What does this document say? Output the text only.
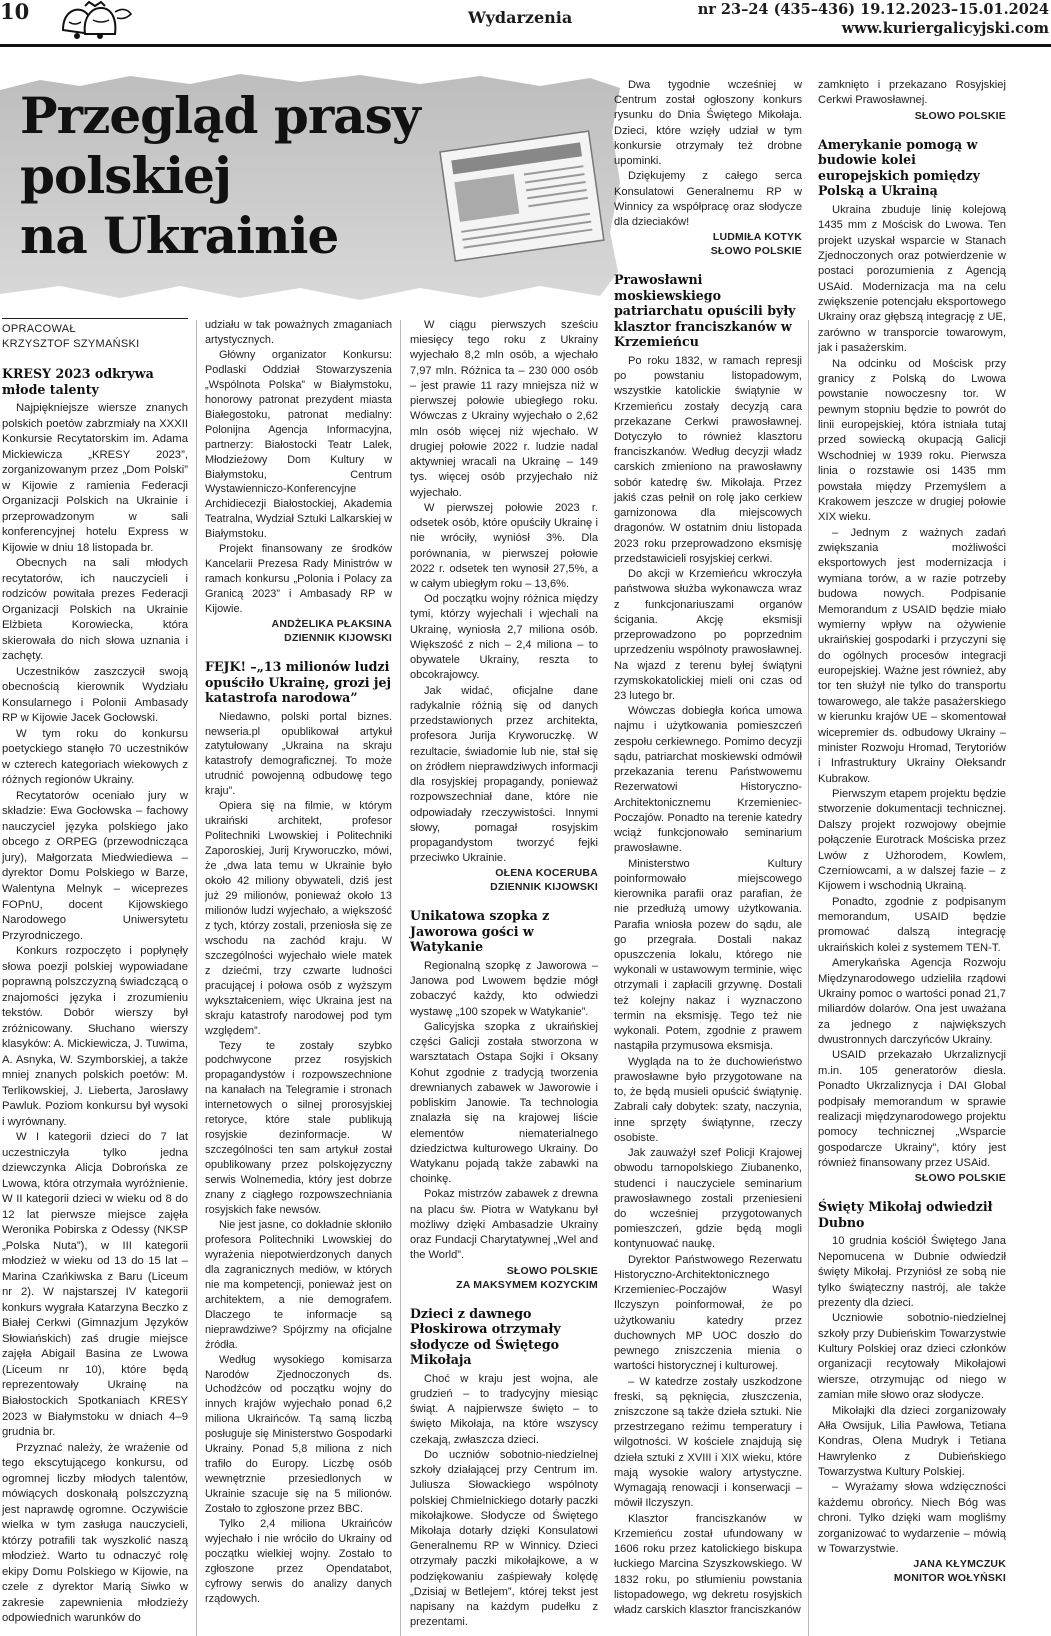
10	Wydarzenia	nr 23–24 (435–436) 19.12.2023–15.01.2024
www.kuriergalicyjski.com
Przegląd prasy
polskiej
na Ukrainie
OPRACOWAŁ
KRZYSZTOF SZYMAŃSKI
KRESY 2023 odkrywa młode talenty

Najpiękniejsze wiersze znanych polskich poetów zabrzmiały na XXXII Konkursie Recytatorskim im. Adama Mickiewicza „KRESY 2023”, zorganizowanym przez „Dom Polski” w Kijowie z ramienia Federacji Organizacji Polskich na Ukrainie i przeprowadzonym w sali konferencyjnej hotelu Express w Kijowie w dniu 18 listopada br.

Obecnych na sali młodych recytatorów, ich nauczycieli i rodziców powitała prezes Federacji Organizacji Polskich na Ukrainie Elżbieta Korowiecka, która skierowała do nich słowa uznania i zachęty.

Uczestników zaszczycił swoją obecnością kierownik Wydziału Konsularnego i Polonii Ambasady RP w Kijowie Jacek Gocłowski.

W tym roku do konkursu poetyckiego stanęło 70 uczestników w czterech kategoriach wiekowych z różnych regionów Ukrainy.

Recytatorów oceniało jury w składzie: Ewa Gocłowska – fachowy nauczyciel języka polskiego jako obcego z ORPEG (przewodnicząca jury), Małgorzata Miedwiediewa – dyrektor Domu Polskiego w Barze, Walentyna Melnyk – wiceprezes FOPnU, docent Kijowskiego Narodowego Uniwersytetu Przyrodniczego.

Konkurs rozpoczęto i popłynęły słowa poezji polskiej wypowiadane poprawną polszczyzną świadczącą o znajomości języka i zrozumieniu tekstów. Dobór wierszy był zróżnicowany. Słuchano wierszy klasyków: A. Mickiewicza, J. Tuwima, A. Asnyka, W. Szymborskiej, a także mniej znanych polskich poetów: M. Terlikowskiej, J. Lieberta, Jarosławy Pawluk. Poziom konkursu był wysoki i wyrównany.

W I kategorii dzieci do 7 lat uczestniczyła tylko jedna dziewczynka Alicja Dobrońska ze Lwowa, która otrzymała wyróżnienie. W II kategorii dzieci w wieku od 8 do 12 lat pierwsze miejsce zajęła Weronika Pobirska z Odessy (NKSP „Polska Nuta”), w III kategorii młodzież w wieku od 13 do 15 lat – Marina Czańkiwska z Baru (Liceum nr 2). W najstarszej IV kategorii konkurs wygrała Katarzyna Beczko z Białej Cerkwi (Gimnazjum Języków Słowiańskich) zaś drugie miejsce zajęła Abigail Basina ze Lwowa (Liceum nr 10), które będą reprezentowały Ukrainę na Białostockich Spotkaniach KRESY 2023 w Białymstoku w dniach 4–9 grudnia br.

Przyznać należy, że wrażenie od tego ekscytującego konkursu, od ogromnej liczby młodych talentów, mówiących doskonałą polszczyzną jest naprawdę ogromne. Oczywiście wielka w tym zasługa nauczycieli, którzy potrafili tak wyszkolić naszą młodzież. Warto tu odnaczyć rolę ekipy Domu Polskiego w Kijowie, na czele z dyrektor Marią Siwko w zakresie zapewnienia młodzieży odpowiednich warunków do

udziału w tak poważnych zmaganiach artystycznych.

Główny organizator Konkursu: Podlaski Oddział Stowarzyszenia „Wspólnota Polska” w Białymstoku, honorowy patronat prezydent miasta Białegostoku, patronat medialny: Polonijna Agencja Informacyjna, partnerzy: Białostocki Teatr Lalek, Młodzieżowy Dom Kultury w Białymstoku, Centrum Wystawienniczo-Konferencyjne Archidiecezji Białostockiej, Akademia Teatralna, Wydział Sztuki Lalkarskiej w Białymstoku.

Projekt finansowany ze środków Kancelarii Prezesa Rady Ministrów w ramach konkursu „Polonia i Polacy za Granicą 2023” i Ambasady RP w Kijowie.

ANDŻELIKA PŁAKSINA
DZIENNIK KIJOWSKI
FEJK! –„13 milionów ludzi opuściło Ukrainę, grozi jej katastrofa narodowa”

Niedawno, polski portal biznes. newseria.pl opublikował artykuł zatytułowany „Ukraina na skraju katastrofy demograficznej. To może utrudnić powojenną odbudowę tego kraju”.

Opiera się na filmie, w którym ukraiński architekt, profesor Politechniki Lwowskiej i Politechniki Zaporoskiej, Jurij Kryworuczko, mówi, że „dwa lata temu w Ukrainie było około 42 miliony obywateli, dziś jest już 29 milionów, ponieważ około 13 milionów ludzi wyjechało, a większość z tych, którzy zostali, przeniosła się ze wschodu na zachód kraju. W szczególności wyjechało wiele matek z dziećmi, trzy czwarte ludności pracującej i połowa osób z wyższym wykształceniem, więc Ukraina jest na skraju katastrofy narodowej pod tym względem”.

Tezy te zostały szybko podchwycone przez rosyjskich propagandystów i rozpowszechnione na kanałach na Telegramie i stronach internetowych o silnej prorosyjskiej retoryce, które stale publikują rosyjskie dezinformacje. W szczególności ten sam artykuł został opublikowany przez polskojęzyczny serwis Wolnemedia, który jest dobrze znany z ciągłego rozpowszechniania rosyjskich fake newsów.

Nie jest jasne, co dokładnie skłoniło profesora Politechniki Lwowskiej do wyrażenia niepotwierdzonych danych dla zagranicznych mediów, w których nie ma kompetencji, ponieważ jest on architektem, a nie demografem. Dlaczego te informacje są nieprawdziwe? Spójrzmy na oficjalne źródła.

Według wysokiego komisarza Narodów Zjednoczonych ds. Uchodźców od początku wojny do innych krajów wyjechało ponad 6,2 miliona Ukraińców. Tą samą liczbą posługuje się Ministerstwo Gospodarki Ukrainy. Ponad 5,8 miliona z nich trafiło do Europy. Liczbę osób wewnętrznie przesiedlonych w Ukrainie szacuje się na 5 milionów. Zostało to zgłoszone przez BBC.

Tylko 2,4 miliona Ukraińców wyjechało i nie wróciło do Ukrainy od początku wielkiej wojny. Zostało to zgłoszone przez Opendatabot, cyfrowy serwis do analizy danych rządowych.

W ciągu pierwszych sześciu miesięcy tego roku z Ukrainy wyjechało 8,2 mln osób, a wjechało 7,97 mln. Różnica ta – 230 000 osób – jest prawie 11 razy mniejsza niż w pierwszej połowie ubiegłego roku. Wówczas z Ukrainy wyjechało o 2,62 mln osób więcej niż wjechało. W drugiej połowie 2022 r. ludzie nadal aktywniej wracali na Ukrainę – 149 tys. więcej osób przyjechało niż wyjechało.

W pierwszej połowie 2023 r. odsetek osób, które opuściły Ukrainę i nie wróciły, wyniósł 3%. Dla porównania, w pierwszej połowie 2022 r. odsetek ten wynosił 27,5%, a w całym ubiegłym roku – 13,6%.

Od początku wojny różnica między tymi, którzy wyjechali i wjechali na Ukrainę, wyniosła 2,7 miliona osób. Większość z nich – 2,4 miliona – to obywatele Ukrainy, reszta to obcokrajowcy.

Jak widać, oficjalne dane radykalnie różnią się od danych przedstawionych przez architekta, profesora Jurija Kryworuczkę. W rezultacie, świadomie lub nie, stał się on źródłem nieprawdziwych informacji dla rosyjskiej propagandy, ponieważ rozpowszechniał dane, które nie odpowiadały rzeczywistości. Innymi słowy, pomagał rosyjskim propagandystom tworzyć fejki przeciwko Ukrainie.

OŁENA KOCERUBA
DZIENNIK KIJOWSKI
Unikatowa szopka z Jaworowa gości w Watykanie

Regionalną szopkę z Jaworowa – Janowa pod Lwowem będzie mógł zobaczyć każdy, kto odwiedzi wystawę „100 szopek w Watykanie”.

Galicyjska szopka z ukraińskiej części Galicji została stworzona w warsztatach Ostapa Sojki i Oksany Kohut zgodnie z tradycją tworzenia drewnianych zabawek w Jaworowie i pobliskim Janowie. Ta technologia znalazła się na krajowej liście elementów niematerialnego dziedzictwa kulturowego Ukrainy. Do Watykanu pojadą także zabawki na choinkę.

Pokaz mistrzów zabawek z drewna na placu św. Piotra w Watykanu był możliwy dzięki Ambasadzie Ukrainy oraz Fundacji Charytatywnej „Wel and the World”.

SŁOWO POLSKIE
ZA MAKSYMEM KOZYCKIM
Dzieci z dawnego Płoskirowa otrzymały słodycze od Świętego Mikołaja

Choć w kraju jest wojna, ale grudzień – to tradycyjny miesiąc świąt. A najpierwsze święto – to święto Mikołaja, na które wszyscy czekają, zwłaszcza dzieci.

Do uczniów sobotnio-niedzielnej szkoły działającej przy Centrum im. Juliusza Słowackiego wspólnoty polskiej Chmielnickiego dotarły paczki mikołajkowe. Słodycze od Świętego Mikołaja dotarły dzięki Konsulatowi Generalnemu RP w Winnicy. Dzieci otrzymały paczki mikołajkowe, a w podziękowaniu zaśpiewały kolędę „Dzisiaj w Betlejem”, której tekst jest napisany na każdym pudełku z prezentami.

Dwa tygodnie wcześniej w Centrum został ogłoszony konkurs rysunku do Dnia Świętego Mikołaja. Dzieci, które wzięły udział w tym konkursie otrzymały też drobne upominki.

Dziękujemy z całego serca Konsulatowi Generalnemu RP w Winnicy za współpracę oraz słodycze dla dzieciaków!

LUDMIŁA KOTYK
SŁOWO POLSKIE
Prawosławni moskiewskiego patriarchatu opuścili były klasztor franciszkanów w Krzemieńcu

Po roku 1832, w ramach represji po powstaniu listopadowym, wszystkie katolickie świątynie w Krzemieńcu zostały decyzją cara przekazane Cerkwi prawosławnej. Dotyczyło to również klasztoru franciszkanów. Według decyzji władz carskich zmieniono na prawosławny sobór katedrę św. Mikołaja. Przez jakiś czas pełnił on rolę jako cerkiew garnizonowa dla miejscowych dragonów. W ostatnim dniu listopada 2023 roku przeprowadzono eksmisję przedstawicieli rosyjskiej cerkwi.

Do akcji w Krzemieńcu wkroczyła państwowa służba wykonawcza wraz z funkcjonariuszami organów ścigania. Akcję eksmisji przeprowadzono po poprzednim uprzedzeniu wspólnoty prawosławnej. Na wjazd z terenu byłej świątyni rzymskokatolickiej mieli oni czas od 23 lutego br.

Wówczas dobiegła końca umowa najmu i użytkowania pomieszczeń zespołu cerkiewnego. Pomimo decyzji sądu, patriarchat moskiewski odmówił przekazania terenu Państwowemu Rezerwatowi Historyczno-Architektonicznemu Krzemieniec-Poczajów. Ponadto na terenie katedry wciąż funkcjonowało seminarium prawosławne.

Ministerstwo Kultury poinformowało miejscowego kierownika parafii oraz parafian, że nie przedłużą umowy użytkowania. Parafia wniosła pozew do sądu, ale go przegrała. Dostali nakaz opuszczenia lokalu, którego nie wykonali w ustawowym terminie, więc otrzymali i zapłacili grzywnę. Dostali też kolejny nakaz i wyznaczono termin na eksmisję. Tego też nie wykonali. Potem, zgodnie z prawem nastąpiła przymusowa eksmisja.

Wygląda na to że duchowieństwo prawosławne było przygotowane na to, że będą musieli opuścić świątynię. Zabrali cały dobytek: szaty, naczynia, inne sprzęty świątynne, rzeczy osobiste.

Jak zauważył szef Policji Krajowej obwodu tarnopolskiego Ziubanenko, studenci i nauczyciele seminarium prawosławnego zostali przeniesieni do wcześniej przygotowanych pomieszczeń, gdzie będą mogli kontynuować naukę.

Dyrektor Państwowego Rezerwatu Historyczno-Architektonicznego Krzemieniec-Poczajów Wasyl Ilczyszyn poinformował, że po użytkowaniu katedry przez duchownych MP UOC doszło do pewnego zniszczenia mienia o wartości historycznej i kulturowej.

– W katedrze zostały uszkodzone freski, są pęknięcia, złuszczenia, zniszczone są także dzieła sztuki. Nie przestrzegano reżimu temperatury i wilgotności. W kościele znajdują się dzieła sztuki z XVIII i XIX wieku, które mają wysokie walory artystyczne. Wymagają renowacji i konserwacji – mówił Ilczyszyn.

Klasztor franciszkanów w Krzemieńcu został ufundowany w 1606 roku przez katolickiego biskupa łuckiego Marcina Szyszkowskiego. W 1832 roku, po stłumieniu powstania listopadowego, wg dekretu rosyjskich władz carskich klasztor franciszkanów

zamknięto i przekazano Rosyjskiej Cerkwi Prawosławnej.

SŁOWO POLSKIE
Amerykanie pomogą w budowie kolei europejskich pomiędzy Polską a Ukrainą

Ukraina zbuduje linię kolejową 1435 mm z Mościsk do Lwowa. Ten projekt uzyskał wsparcie w Stanach Zjednoczonych oraz potwierdzenie w postaci porozumienia z Agencją USAid. Modernizacja ma na celu zwiększenie potencjału eksportowego Ukrainy oraz głębszą integrację z UE, zarówno w transporcie towarowym, jak i pasażerskim.

Na odcinku od Mościsk przy granicy z Polską do Lwowa powstanie nowoczesny tor. W pewnym stopniu będzie to powrót do linii europejskiej, która istniała tutaj przed sowiecką okupacją Galicji Wschodniej w 1939 roku. Pierwsza linia o rozstawie osi 1435 mm powstała między Przemyślem a Krakowem jeszcze w drugiej połowie XIX wieku.

– Jednym z ważnych zadań zwiększania możliwości eksportowych jest modernizacja i wymiana torów, a w razie potrzeby budowa nowych. Podpisanie Memorandum z USAID będzie miało wymierny wpływ na ożywienie ukraińskiej gospodarki i przyczyni się do ogólnych procesów integracji europejskiej. Ważne jest również, aby tor ten służył nie tylko do transportu towarowego, ale także pasażerskiego w kierunku krajów UE – skomentował wicepremier ds. odbudowy Ukrainy – minister Rozwoju Hromad, Terytoriów i Infrastruktury Ukrainy Ołeksandr Kubrakow.

Pierwszym etapem projektu będzie stworzenie dokumentacji technicznej. Dalszy projekt rozwojowy obejmie połączenie Eurotrack Mościska przez Lwów z Użhorodem, Kowlem, Czerniowcami, a w dalszej fazie – z Kijowem i wschodnią Ukrainą.

Ponadto, zgodnie z podpisanym memorandum, USAID będzie promować dalszą integrację ukraińskich kolei z systemem TEN-T.

Amerykańska Agencja Rozwoju Międzynarodowego udzieliła rządowi Ukrainy pomoc o wartości ponad 21,7 miliardów dolarów. Ona jest uważana za jednego z największych dwustronnych darczyńców Ukrainy.

USAID przekazało Ukrzaliznycji m.in. 105 generatorów diesla. Ponadto Ukrzaliznycja i DAI Global podpisały memorandum w sprawie realizacji międzynarodowego projektu pomocy technicznej „Wsparcie gospodarcze Ukrainy”, który jest również finansowany przez USAid.

SŁOWO POLSKIE
Święty Mikołaj odwiedził Dubno

10 grudnia kościół Świętego Jana Nepomucena w Dubnie odwiedził święty Mikołaj. Przyniósł ze sobą nie tylko świąteczny nastrój, ale także prezenty dla dzieci.

Uczniowie sobotnio-niedzielnej szkoły przy Dubieńskim Towarzystwie Kultury Polskiej oraz dzieci członków organizacji recytowały Mikołajowi wiersze, otrzymując od niego w zamian miłe słowo oraz słodycze.

Mikołajki dla dzieci zorganizowały Ałła Owsijuk, Lilia Pawłowa, Tetiana Kondras, Olena Mudryk i Tetiana Hawrylenko z Dubieńskiego Towarzystwa Kultury Polskiej.

– Wyrażamy słowa wdzięczności każdemu obrońcy. Niech Bóg was chroni. Tylko dzięki wam mogliśmy zorganizować to wydarzenie – mówią w Towarzystwie.

JANA KŁYMCZUK
MONITOR WOŁYŃSKI
